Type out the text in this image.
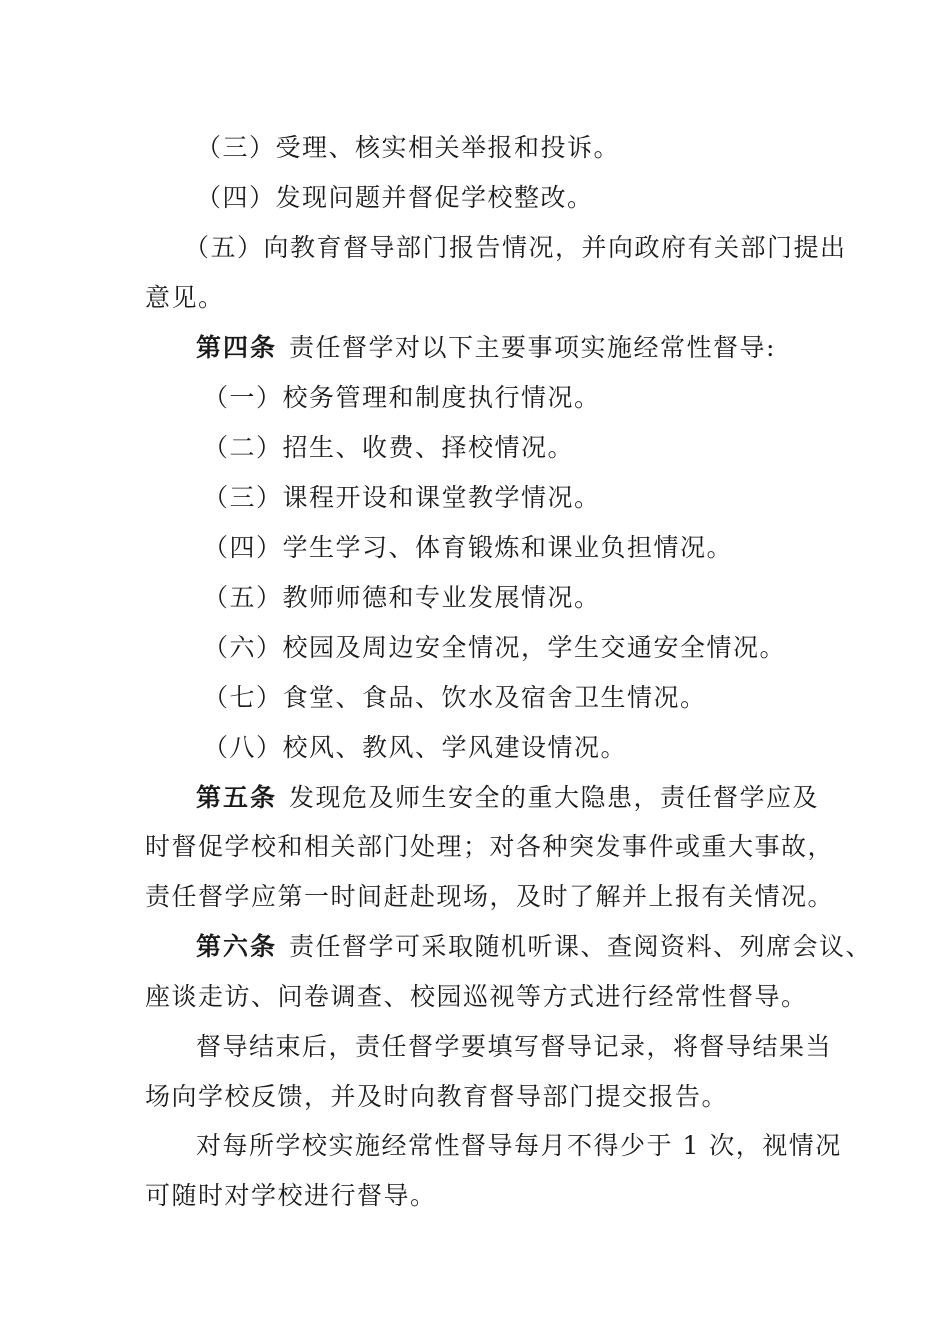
（三）受理、核实相关举报和投诉。
（四）发现问题并督促学校整改。
（五）向教育督导部门报告情况，并向政府有关部门提出
意见。
第四条 责任督学对以下主要事项实施经常性督导:
（一）校务管理和制度执行情况。
（二）招生、收费、择校情况。
（三）课程开设和课堂教学情况。
（四）学生学习、体育锻炼和课业负担情况。
（五）教师师德和专业发展情况。
（六）校园及周边安全情况，学生交通安全情况。
（七）食堂、食品、饮水及宿舍卫生情况。
（八）校风、教风、学风建设情况。
第五条 发现危及师生安全的重大隐患，责任督学应及
时督促学校和相关部门处理；对各种突发事件或重大事故，
责任督学应第一时间赶赴现场，及时了解并上报有关情况。
第六条 责任督学可采取随机听课、查阅资料、列席会议、
座谈走访、问卷调查、校园巡视等方式进行经常性督导。
督导结束后，责任督学要填写督导记录，将督导结果当
场向学校反馈，并及时向教育督导部门提交报告。
对每所学校实施经常性督导每月不得少于 1 次，视情况
可随时对学校进行督导。
